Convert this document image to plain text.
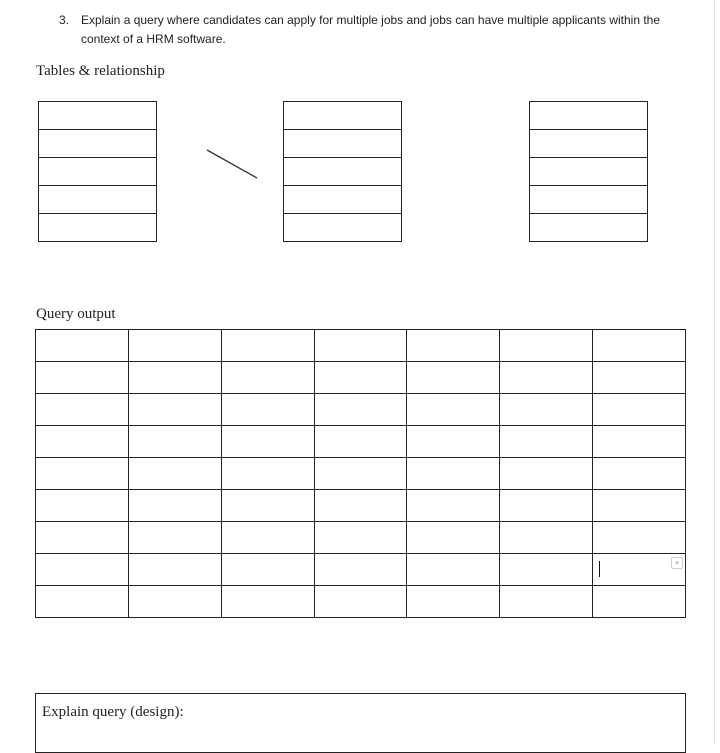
3. Explain a query where candidates can apply for multiple jobs and jobs can have multiple applicants within the context of a HRM software.
Tables & relationship

Query output

						▾

Explain query (design):
